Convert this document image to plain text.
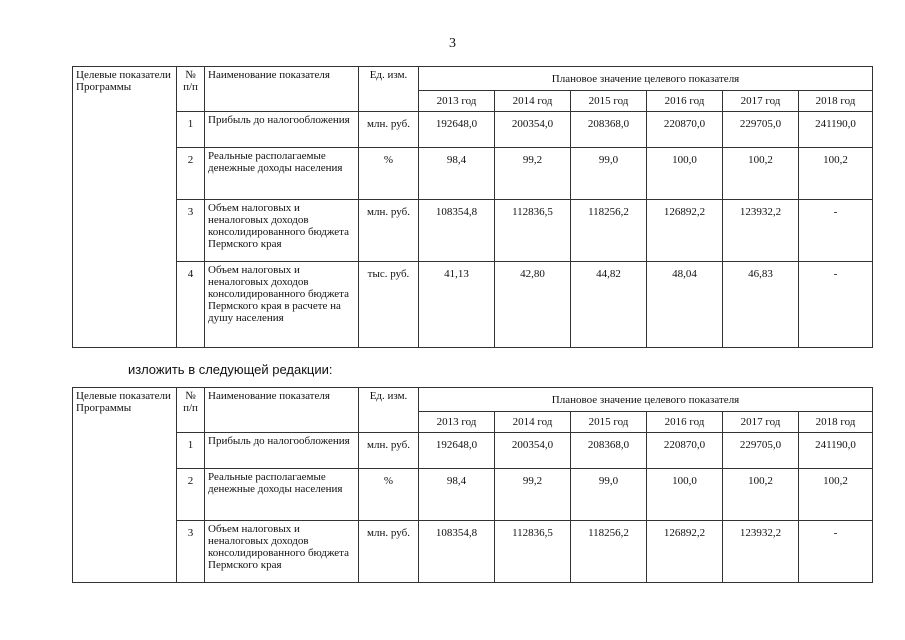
3
Целевые показатели Программы	№ п/п	Наименование показателя	Ед. изм.	Плановое значение целевого показателя					
				2013 год	2014 год	2015 год	2016 год	2017 год	2018 год
	1	Прибыль до налогообложения	млн. руб.	192648,0	200354,0	208368,0	220870,0	229705,0	241190,0
	2	Реальные располагаемые денежные доходы населения	%	98,4	99,2	99,0	100,0	100,2	100,2
	3	Объем налоговых и неналоговых доходов консолидированного бюджета Пермского края	млн. руб.	108354,8	112836,5	118256,2	126892,2	123932,2	-
	4	Объем налоговых и неналоговых доходов консолидированного бюджета Пермского края в расчете на душу населения	тыс. руб.	41,13	42,80	44,82	48,04	46,83	-
изложить в следующей редакции:
Целевые показатели Программы	№ п/п	Наименование показателя	Ед. изм.	Плановое значение целевого показателя					
				2013 год	2014 год	2015 год	2016 год	2017 год	2018 год
	1	Прибыль до налогообложения	млн. руб.	192648,0	200354,0	208368,0	220870,0	229705,0	241190,0
	2	Реальные располагаемые денежные доходы населения	%	98,4	99,2	99,0	100,0	100,2	100,2
	3	Объем налоговых и неналоговых доходов консолидированного бюджета Пермского края	млн. руб.	108354,8	112836,5	118256,2	126892,2	123932,2	-
